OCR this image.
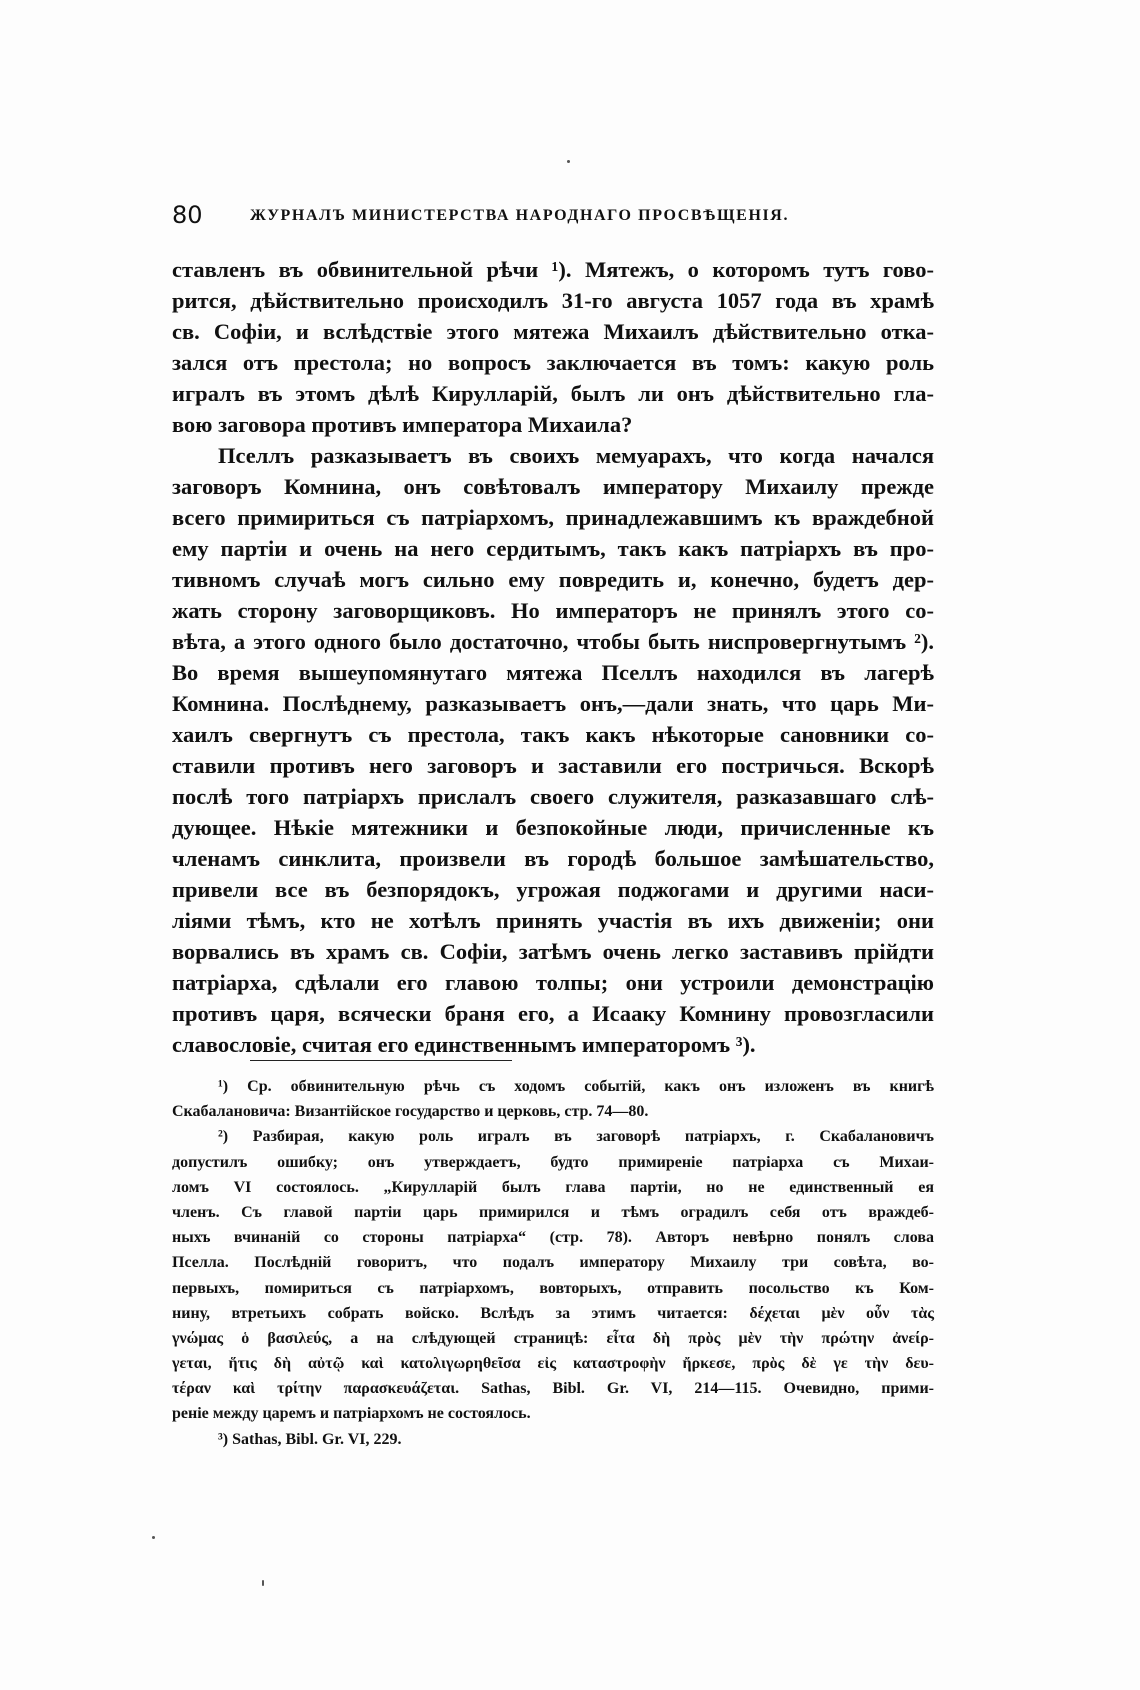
80	ЖУРНАЛЪ МИНИСТЕРСТВА НАРОДНАГО ПРОСВѢЩЕНІЯ.
ставленъ въ обвинительной рѣчи ¹). Мятежъ, о которомъ тутъ гово-
рится, дѣйствительно происходилъ 31-го августа 1057 года въ храмѣ
св. Софіи, и вслѣдствіе этого мятежа Михаилъ дѣйствительно отка-
зался отъ престола; но вопросъ заключается въ томъ: какую роль
игралъ въ этомъ дѣлѣ Кирулларій, былъ ли онъ дѣйствительно гла-
вою заговора противъ императора Михаила?
Пселлъ разказываетъ въ своихъ мемуарахъ, что когда начался
заговоръ Комнина, онъ совѣтовалъ императору Михаилу прежде
всего примириться съ патріархомъ, принадлежавшимъ къ враждебной
ему партіи и очень на него сердитымъ, такъ какъ патріархъ въ про-
тивномъ случаѣ могъ сильно ему повредить и, конечно, будетъ дер-
жать сторону заговорщиковъ. Но императоръ не принялъ этого со-
вѣта, а этого одного было достаточно, чтобы быть ниспровергнутымъ ²).
Во время вышеупомянутаго мятежа Пселлъ находился въ лагерѣ
Комнина. Послѣднему, разказываетъ онъ,—дали знать, что царь Ми-
хаилъ свергнутъ съ престола, такъ какъ нѣкоторые сановники со-
ставили противъ него заговоръ и заставили его постричься. Вскорѣ
послѣ того патріархъ прислалъ своего служителя, разказавшаго слѣ-
дующее. Нѣкіе мятежники и безпокойные люди, причисленные къ
членамъ синклита, произвели въ городѣ большое замѣшательство,
привели все въ безпорядокъ, угрожая поджогами и другими наси-
ліями тѣмъ, кто не хотѣлъ принять участія въ ихъ движеніи; они
ворвались въ храмъ св. Софіи, затѣмъ очень легко заставивъ прійдти
патріарха, сдѣлали его главою толпы; они устроили демонстрацію
противъ царя, всячески браня его, а Исааку Комнину провозгласили
славословіе, считая его единственнымъ императоромъ ³).
¹) Ср. обвинительную рѣчь съ ходомъ событій, какъ онъ изложенъ въ книгѣ
Скабалановича: Византійское государство и церковь, стр. 74—80.
²) Разбирая, какую роль игралъ въ заговорѣ патріархъ, г. Скабалановичъ
допустилъ ошибку; онъ утверждаетъ, будто примиреніе патріарха съ Михаи-
ломъ VI состоялось. „Кирулларій былъ глава партіи, но не единственный ея
членъ. Съ главой партіи царь примирился и тѣмъ оградилъ себя отъ враждеб-
ныхъ вчинаній со стороны патріарха“ (стр. 78). Авторъ невѣрно понялъ слова
Пселла. Послѣдній говоритъ, что подалъ императору Михаилу три совѣта, во-
первыхъ, помириться съ патріархомъ, вовторыхъ, отправить посольство къ Ком-
нину, втретьихъ собрать войско. Вслѣдъ за этимъ читается: δέχεται μὲν οὖν τὰς
γνώμας ὁ βασιλεύς, а на слѣдующей страницѣ: εἶτα δὴ πρὸς μὲν τὴν πρώτην ἀνείρ-
γεται, ἥτις δὴ αὐτῷ καὶ κατολιγωρηθεῖσα εἰς καταστροφὴν ἤρκεσε, πρὸς δὲ γε τὴν δευ-
τέραν καὶ τρίτην παρασκευάζεται. Sathas, Bibl. Gr. VI, 214—115. Очевидно, прими-
реніе между царемъ и патріархомъ не состоялось.
³) Sathas, Bibl. Gr. VI, 229.
